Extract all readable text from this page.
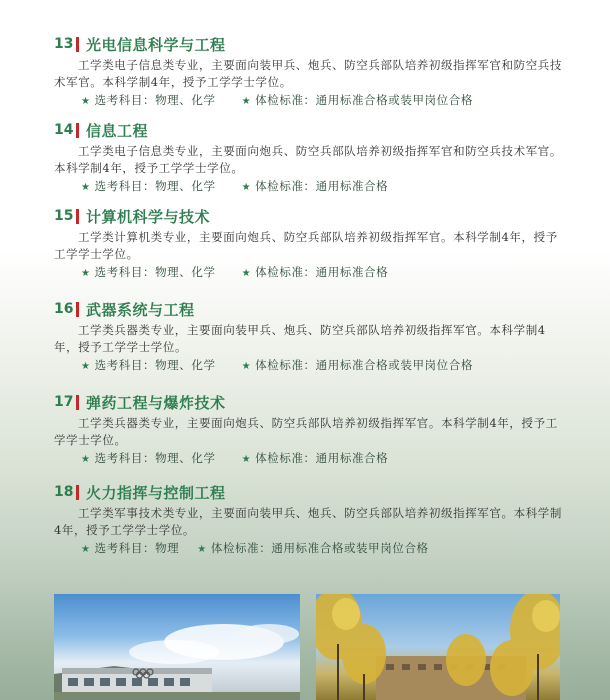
13 光电信息科学与工程

工学类电子信息类专业，主要面向装甲兵、炮兵、防空兵部队培养初级指挥军官和防空兵技术军官。本科学制4年，授予工学学士学位。

★ 选考科目：物理、化学	★ 体检标准：通用标准合格或装甲岗位合格
14 信息工程

工学类电子信息类专业，主要面向炮兵、防空兵部队培养初级指挥军官和防空兵技术军官。本科学制4年，授予工学学士学位。

★ 选考科目：物理、化学	★ 体检标准：通用标准合格
15 计算机科学与技术

工学类计算机类专业，主要面向炮兵、防空兵部队培养初级指挥军官。本科学制4年，授予工学学士学位。

★ 选考科目：物理、化学	★ 体检标准：通用标准合格
16 武器系统与工程

工学类兵器类专业，主要面向装甲兵、炮兵、防空兵部队培养初级指挥军官。本科学制4年，授予工学学士学位。

★ 选考科目：物理、化学	★ 体检标准：通用标准合格或装甲岗位合格
17 弹药工程与爆炸技术

工学类兵器类专业，主要面向炮兵、防空兵部队培养初级指挥军官。本科学制4年，授予工学学士学位。

★ 选考科目：物理、化学	★ 体检标准：通用标准合格
18 火力指挥与控制工程

工学类军事技术类专业，主要面向装甲兵、炮兵、防空兵部队培养初级指挥军官。本科学制4年，授予工学学士学位。

★ 选考科目：物理 ★ 体检标准：通用标准合格或装甲岗位合格
